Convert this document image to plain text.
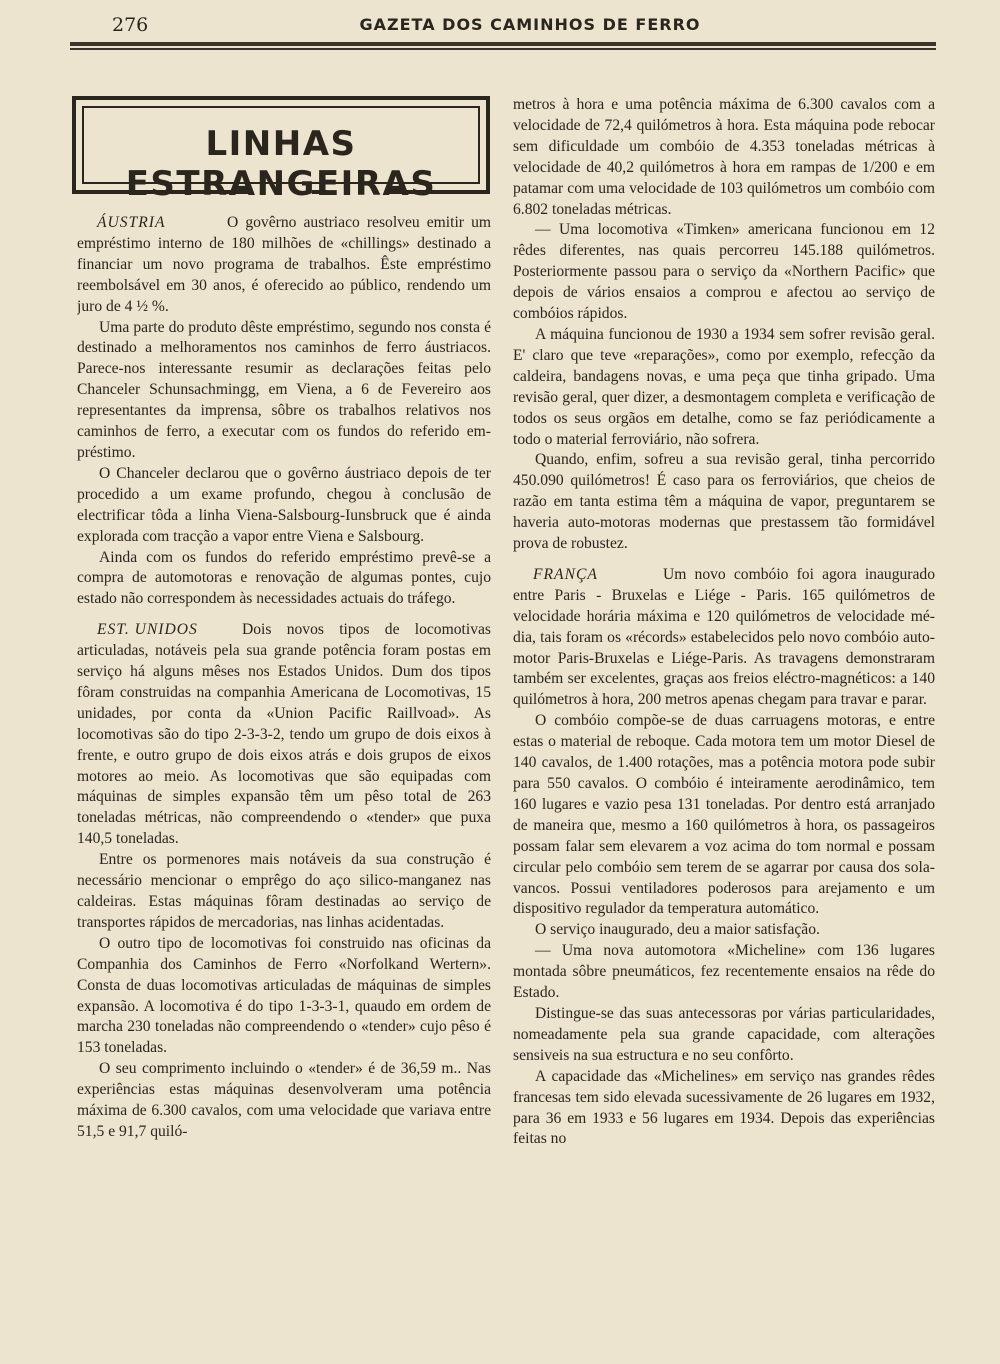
276	GAZETA DOS CAMINHOS DE FERRO
LINHAS ESTRANGEIRAS
ÁUSTRIA	O govêrno austriaco resolveu emitir um empréstimo interno de 180 milhões de «chillings» destinado a financiar um novo programa de trabalhos. Êste empréstimo reembolsável em 30 anos, é oferecido ao público, rendendo um juro de 4 ½ %.

Uma parte do produto dêste empréstimo, segundo nos consta é destinado a melhoramentos nos caminhos de ferro áustriacos. Parece-nos interessante resumir as declarações feitas pelo Chanceler Schunsachmingg, em Viena, a 6 de Fevereiro aos representantes da imprensa, sôbre os trabalhos relativos nos caminhos de ferro, a executar com os fundos do referido empréstimo.

O Chanceler declarou que o govêrno áustriaco depois de ter procedido a um exame profundo, chegou à conclusão de electrificar tôda a linha Viena-Salsbourg-Iunsbruck que é ainda explorada com tracção a vapor entre Viena e Salsbourg.

Ainda com os fundos do referido empréstimo prevê-se a compra de automotoras e renovação de algumas pontes, cujo estado não correspondem às necessidades actuais do tráfego.

EST. UNIDOS	Dois novos tipos de locomotivas articuladas, notáveis pela sua grande potência foram postas em serviço há alguns mêses nos Estados Unidos. Dum dos tipos fôram construidas na companhia Americana de Locomotivas, 15 unidades, por conta da «Union Pacific Raillvoad». As locomotivas são do tipo 2-3-3-2, tendo um grupo de dois eixos à frente, e outro grupo de dois eixos atrás e dois grupos de eixos motores ao meio. As locomotivas que são equipadas com máquinas de simples expansão têm um pêso total de 263 toneladas métricas, não compreendendo o «tender» que puxa 140,5 toneladas.

Entre os pormenores mais notáveis da sua construção é necessário mencionar o emprêgo do aço silico-manganez nas caldeiras. Estas máquinas fôram destinadas ao serviço de transportes rápidos de mercadorias, nas linhas acidentadas.

O outro tipo de locomotivas foi construido nas oficinas da Companhia dos Caminhos de Ferro «Norfolkand Wertern». Consta de duas locomotivas articuladas de máquinas de simples expansão. A locomotiva é do tipo 1-3-3-1, quaudo em ordem de marcha 230 toneladas não compreendendo o «tender» cujo pêso é 153 toneladas.

O seu comprimento incluindo o «tender» é de 36,59 m.. Nas experiências estas máquinas desenvolveram uma potência máxima de 6.300 cavalos, com uma velocidade que variava entre 51,5 e 91,7 quiló-

metros à hora e uma potência máxima de 6.300 cavalos com a velocidade de 72,4 quilómetros à hora. Esta máquina pode rebocar sem dificuldade um combóio de 4.353 toneladas métricas à velocidade de 40,2 quilómetros à hora em rampas de 1/200 e em patamar com uma velocidade de 103 quilómetros um combóio com 6.802 toneladas métricas.

— Uma locomotiva «Timken» americana funcionou em 12 rêdes diferentes, nas quais percorreu 145.188 quilómetros. Posteriormente passou para o serviço da «Northern Pacific» que depois de vários ensaios a comprou e afectou ao serviço de combóios rápidos.

A máquina funcionou de 1930 a 1934 sem sofrer revisão geral. E' claro que teve «reparações», como por exemplo, refecção da caldeira, bandagens novas, e uma peça que tinha gripado. Uma revisão geral, quer dizer, a desmontagem completa e verificação de todos os seus orgãos em detalhe, como se faz periódicamente a todo o material ferroviário, não sofrera.

Quando, enfim, sofreu a sua revisão geral, tinha percorrido 450.090 quilómetros! É caso para os ferroviários, que cheios de razão em tanta estima têm a máquina de vapor, preguntarem se haveria auto-motoras modernas que prestassem tão formidável prova de robustez.

FRANÇA	Um novo combóio foi agora inaugurado entre Paris - Bruxelas e Liége - Paris. 165 quilómetros de velocidade horária máxima e 120 quilómetros de velocidade média, tais foram os «récords» estabelecidos pelo novo combóio auto-motor Paris-Bruxelas e Liége-Paris. As travagens demonstraram também ser excelentes, graças aos freios eléctro-magnéticos: a 140 quilómetros à hora, 200 metros apenas chegam para travar e parar.

O combóio compõe-se de duas carruagens motoras, e entre estas o material de reboque. Cada motora tem um motor Diesel de 140 cavalos, de 1.400 rotações, mas a potência motora pode subir para 550 cavalos. O combóio é inteiramente aerodinâmico, tem 160 lugares e vazio pesa 131 toneladas. Por dentro está arranjado de maneira que, mesmo a 160 quilómetros à hora, os passageiros possam falar sem elevarem a voz acima do tom normal e possam circular pelo combóio sem terem de se agarrar por causa dos solavancos. Possui ventiladores poderosos para arejamento e um dispositivo regulador da temperatura automático.

O serviço inaugurado, deu a maior satisfação.

— Uma nova automotora «Micheline» com 136 lugares montada sôbre pneumáticos, fez recentemente ensaios na rêde do Estado.

Distingue-se das suas antecessoras por várias particularidades, nomeadamente pela sua grande capacidade, com alterações sensiveis na sua estructura e no seu confôrto.

A capacidade das «Michelines» em serviço nas grandes rêdes francesas tem sido elevada sucessivamente de 26 lugares em 1932, para 36 em 1933 e 56 lugares em 1934. Depois das experiências feitas no
